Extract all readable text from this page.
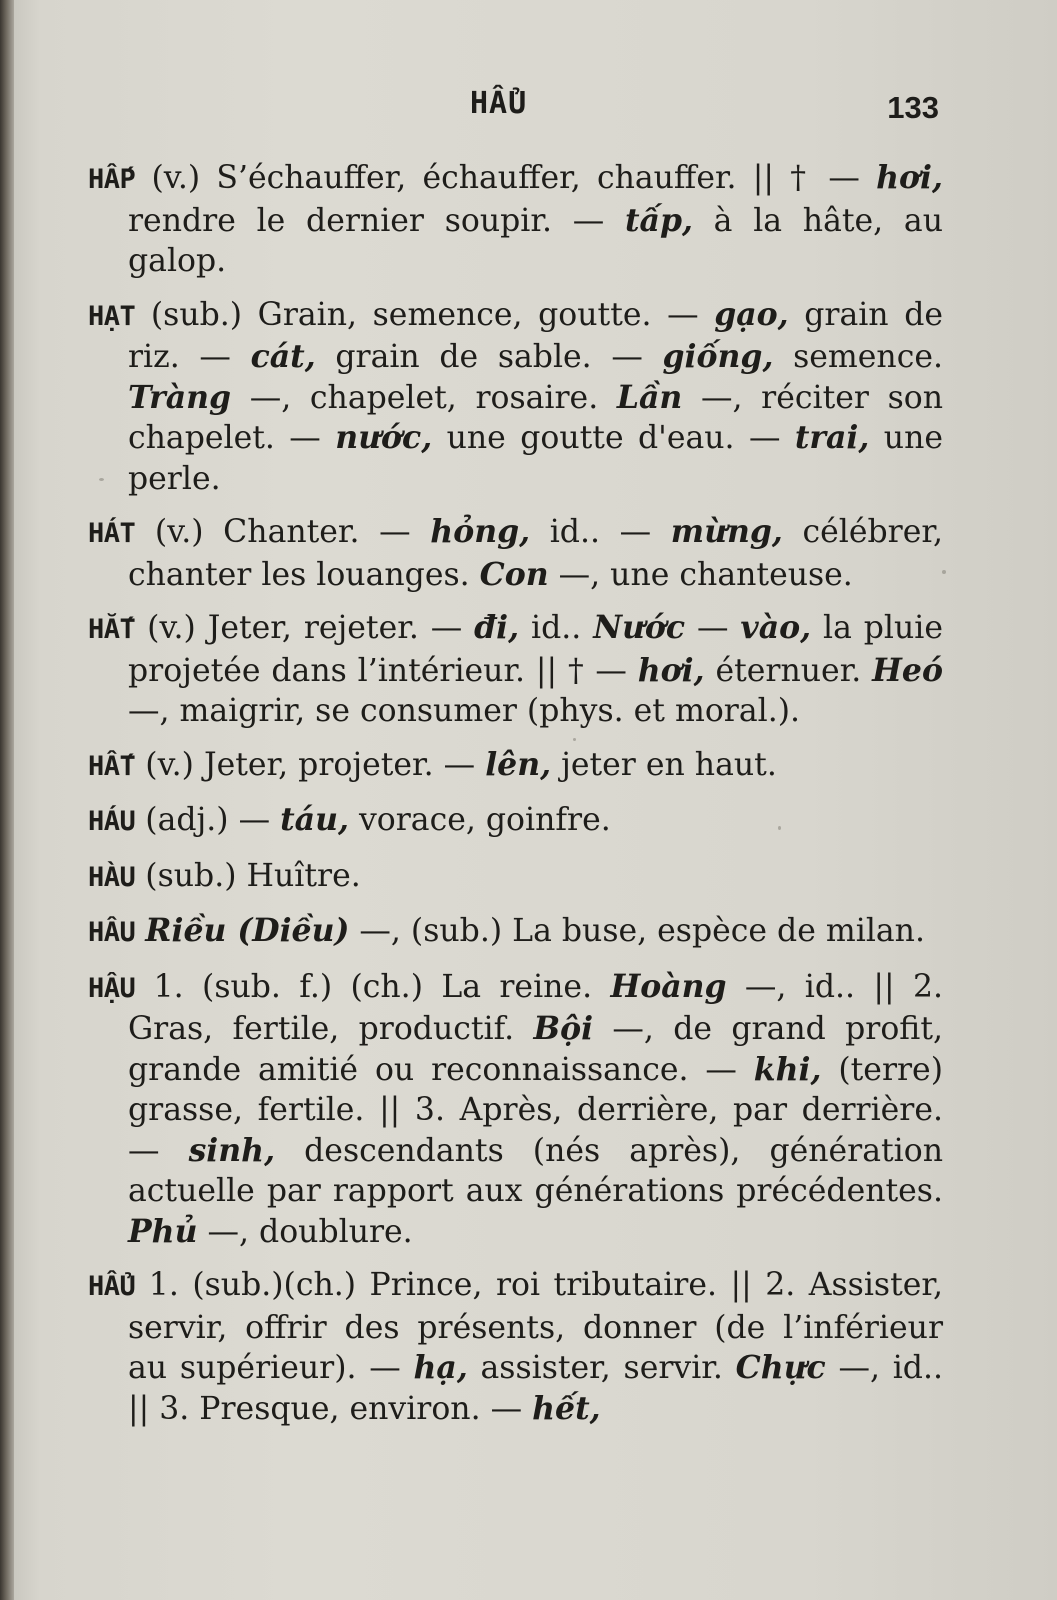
HẨU	133

HẤP (v.) S’échauffer, échauffer, chauffer. || † — hơi, rendre le dernier soupir. — tấp, à la hâte, au galop.

HẠT (sub.) Grain, semence, goutte. — gạo, grain de riz. — cát, grain de sable. — giống, semence. Tràng —, chapelet, rosaire. Lần —, réciter son chapelet. — nước, une goutte d'eau. — trai, une perle.

HÁT (v.) Chanter. — hỏng, id.. — mừng, célébrer, chanter les louanges. Con —, une chanteuse.

HẮT (v.) Jeter, rejeter. — đi, id.. Nước — vào, la pluie projetée dans l’intérieur. || † — hơi, éternuer. Heó —, maigrir, se consumer (phys. et moral.).

HẤT (v.) Jeter, projeter. — lên, jeter en haut.

HÁU (adj.) — táu, vorace, goinfre.

HÀU (sub.) Huître.

HÂU Riều (Diều) —, (sub.) La buse, espèce de milan.

HẬU 1. (sub. f.) (ch.) La reine. Hoàng —, id.. || 2. Gras, fertile, productif. Bội —, de grand profit, grande amitié ou reconnaissance. — khi, (terre) grasse, fertile. || 3. Après, derrière, par derrière. — sinh, descendants (nés après), génération actuelle par rapport aux générations précédentes. Phủ —, doublure.

HẨU 1. (sub.)(ch.) Prince, roi tributaire. || 2. Assister, servir, offrir des présents, donner (de l’inférieur au supérieur). — hạ, assister, servir. Chực —, id.. || 3. Presque, environ. — hết,
